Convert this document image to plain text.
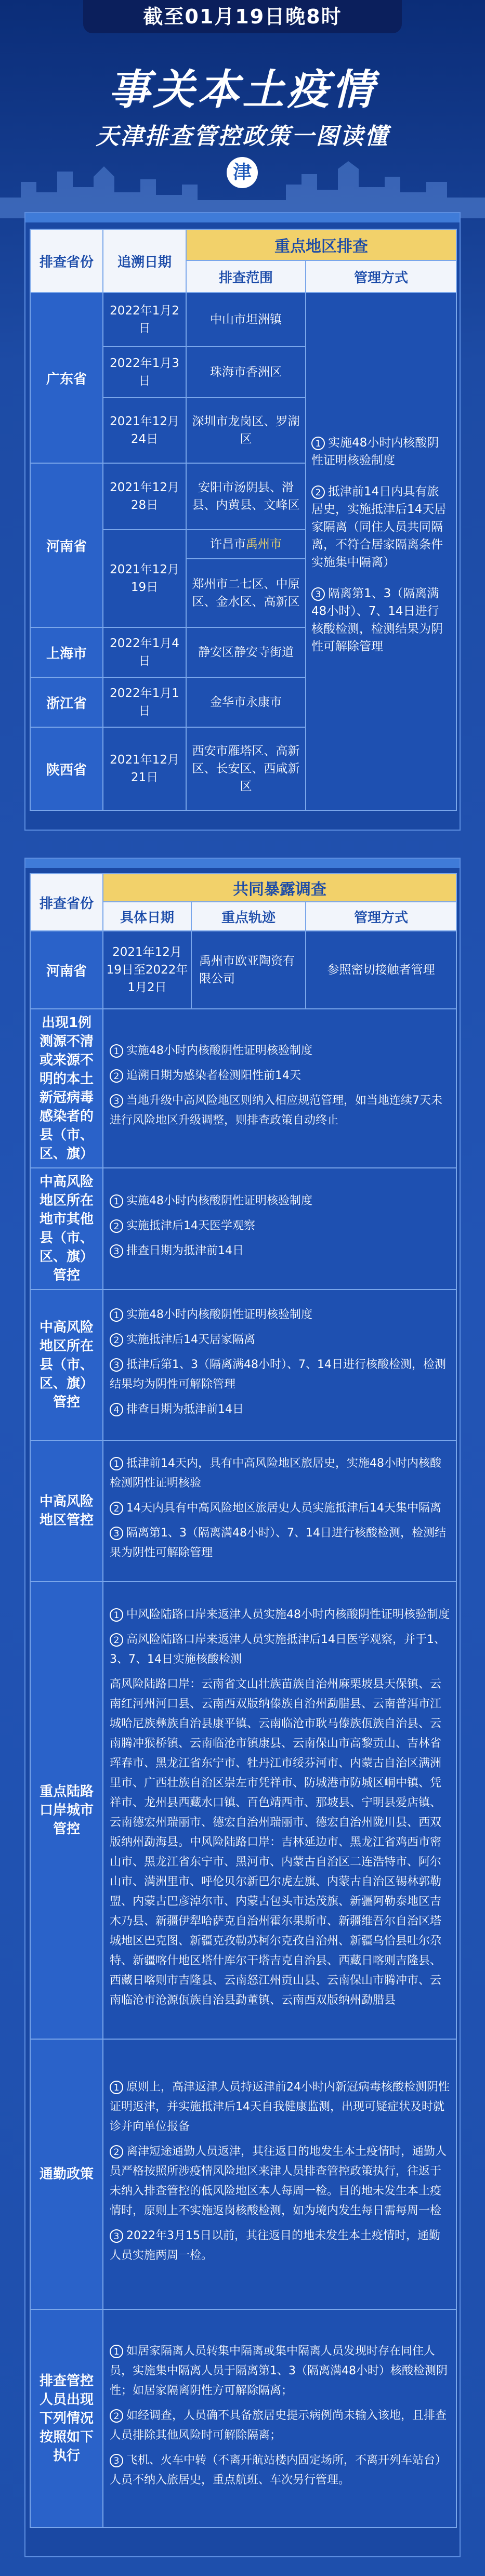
截至01月19日晚8时
事关本土疫情
天津排查管控政策一图读懂
津
排查省份	追溯日期	重点地区排查	
		排查范围	管理方式
广东省	2022年1月2日	中山市坦洲镇	1 实施48小时内核酸阴性证明核验制度

2 抵津前14日内具有旅居史，实施抵津后14天居家隔离（同住人员共同隔离，不符合居家隔离条件实施集中隔离）

3 隔离第1、3（隔离满48小时）、7、14日进行核酸检测，检测结果为阴性可解除管理

	2022年1月3日	珠海市香洲区	
	2021年12月24日	深圳市龙岗区、罗湖区	
河南省	2021年12月28日	安阳市汤阴县、滑县、内黄县、文峰区	
	2021年12月19日	许昌市禹州市	
		郑州市二七区、中原区、金水区、高新区	
上海市	2022年1月4日	静安区静安寺街道	
浙江省	2022年1月1日	金华市永康市	
陕西省	2021年12月21日	西安市雁塔区、高新区、长安区、西咸新区	
排查省份	共同暴露调查		
	具体日期	重点轨迹	管理方式
河南省	2021年12月19日至2022年1月2日	禹州市欧亚陶资有限公司	参照密切接触者管理
出现1例测源不清或来源不明的本土新冠病毒感染者的县（市、区、旗）	1 实施48小时内核酸阴性证明核验制度

2 追溯日期为感染者检测阳性前14天

3 当地升级中高风险地区则纳入相应规范管理，如当地连续7天未进行风险地区升级调整，则排查政策自动终止		

中高风险地区所在地市其他县（市、区、旗）管控	1 实施48小时内核酸阴性证明核验制度

2 实施抵津后14天医学观察

3 排查日期为抵津前14日		

中高风险地区所在县（市、区、旗）管控	1 实施48小时内核酸阴性证明核验制度

2 实施抵津后14天居家隔离

3 抵津后第1、3（隔离满48小时）、7、14日进行核酸检测，检测结果均为阴性可解除管理

4 排查日期为抵津前14日		

中高风险地区管控	1 抵津前14天内，具有中高风险地区旅居史，实施48小时内核酸检测阴性证明核验

2 14天内具有中高风险地区旅居史人员实施抵津后14天集中隔离

3 隔离第1、3（隔离满48小时）、7、14日进行核酸检测，检测结果为阴性可解除管理		

重点陆路口岸城市管控	1 中风险陆路口岸来返津人员实施48小时内核酸阴性证明核验制度

2 高风险陆路口岸来返津人员实施抵津后14日医学观察，并于1、3、7、14日实施核酸检测

高风险陆路口岸：云南省文山壮族苗族自治州麻栗坡县天保镇、云南红河州河口县、云南西双版纳傣族自治州勐腊县、云南普洱市江城哈尼族彝族自治县康平镇、云南临沧市耿马傣族佤族自治县、云南腾冲猴桥镇、云南临沧市镇康县、云南保山市高黎贡山、吉林省珲春市、黑龙江省东宁市、牡丹江市绥芬河市、内蒙古自治区满洲里市、广西壮族自治区崇左市凭祥市、防城港市防城区峒中镇、凭祥市、龙州县西藏水口镇、百色靖西市、那坡县、宁明县爱店镇、云南德宏州瑞丽市、德宏自治州瑞丽市、德宏自治州陇川县、西双版纳州勐海县。中风险陆路口岸：吉林延边市、黑龙江省鸡西市密山市、黑龙江省东宁市、黑河市、内蒙古自治区二连浩特市、阿尔山市、满洲里市、呼伦贝尔新巴尔虎左旗、内蒙古自治区锡林郭勒盟、内蒙古巴彦淖尔市、内蒙古包头市达茂旗、新疆阿勒泰地区吉木乃县、新疆伊犁哈萨克自治州霍尔果斯市、新疆维吾尔自治区塔城地区巴克图、新疆克孜勒苏柯尔克孜自治州、新疆乌恰县吐尔尕特、新疆喀什地区塔什库尔干塔吉克自治县、西藏日喀则吉隆县、西藏日喀则市吉隆县、云南怒江州贡山县、云南保山市腾冲市、云南临沧市沧源佤族自治县勐董镇、云南西双版纳州勐腊县		

通勤政策	1 原则上，高津返津人员持返津前24小时内新冠病毒核酸检测阴性证明返津，并实施抵津后14天自我健康监测，出现可疑症状及时就诊并向单位报备

2 离津短途通勤人员返津，其往返目的地发生本土疫情时，通勤人员严格按照所涉疫情风险地区来津人员排查管控政策执行，往返于未纳入排查管控的低风险地区本人每周一检。目的地未发生本土疫情时，原则上不实施返岗核酸检测，如为境内发生每日需每周一检

3 2022年3月15日以前，其往返目的地未发生本土疫情时，通勤人员实施两周一检。		

排查管控人员出现下列情况按照如下执行	1 如居家隔离人员转集中隔离或集中隔离人员发现时存在同住人员，实施集中隔离人员于隔离第1、3（隔离满48小时）核酸检测阴性；如居家隔离阴性方可解除隔离；

2 如经调查，人员确不具备旅居史提示病例尚未输入该地，且排查人员排除其他风险时可解除隔离；

3 飞机、火车中转（不离开航站楼内固定场所，不离开列车站台）人员不纳入旅居史，重点航班、车次另行管理。		
